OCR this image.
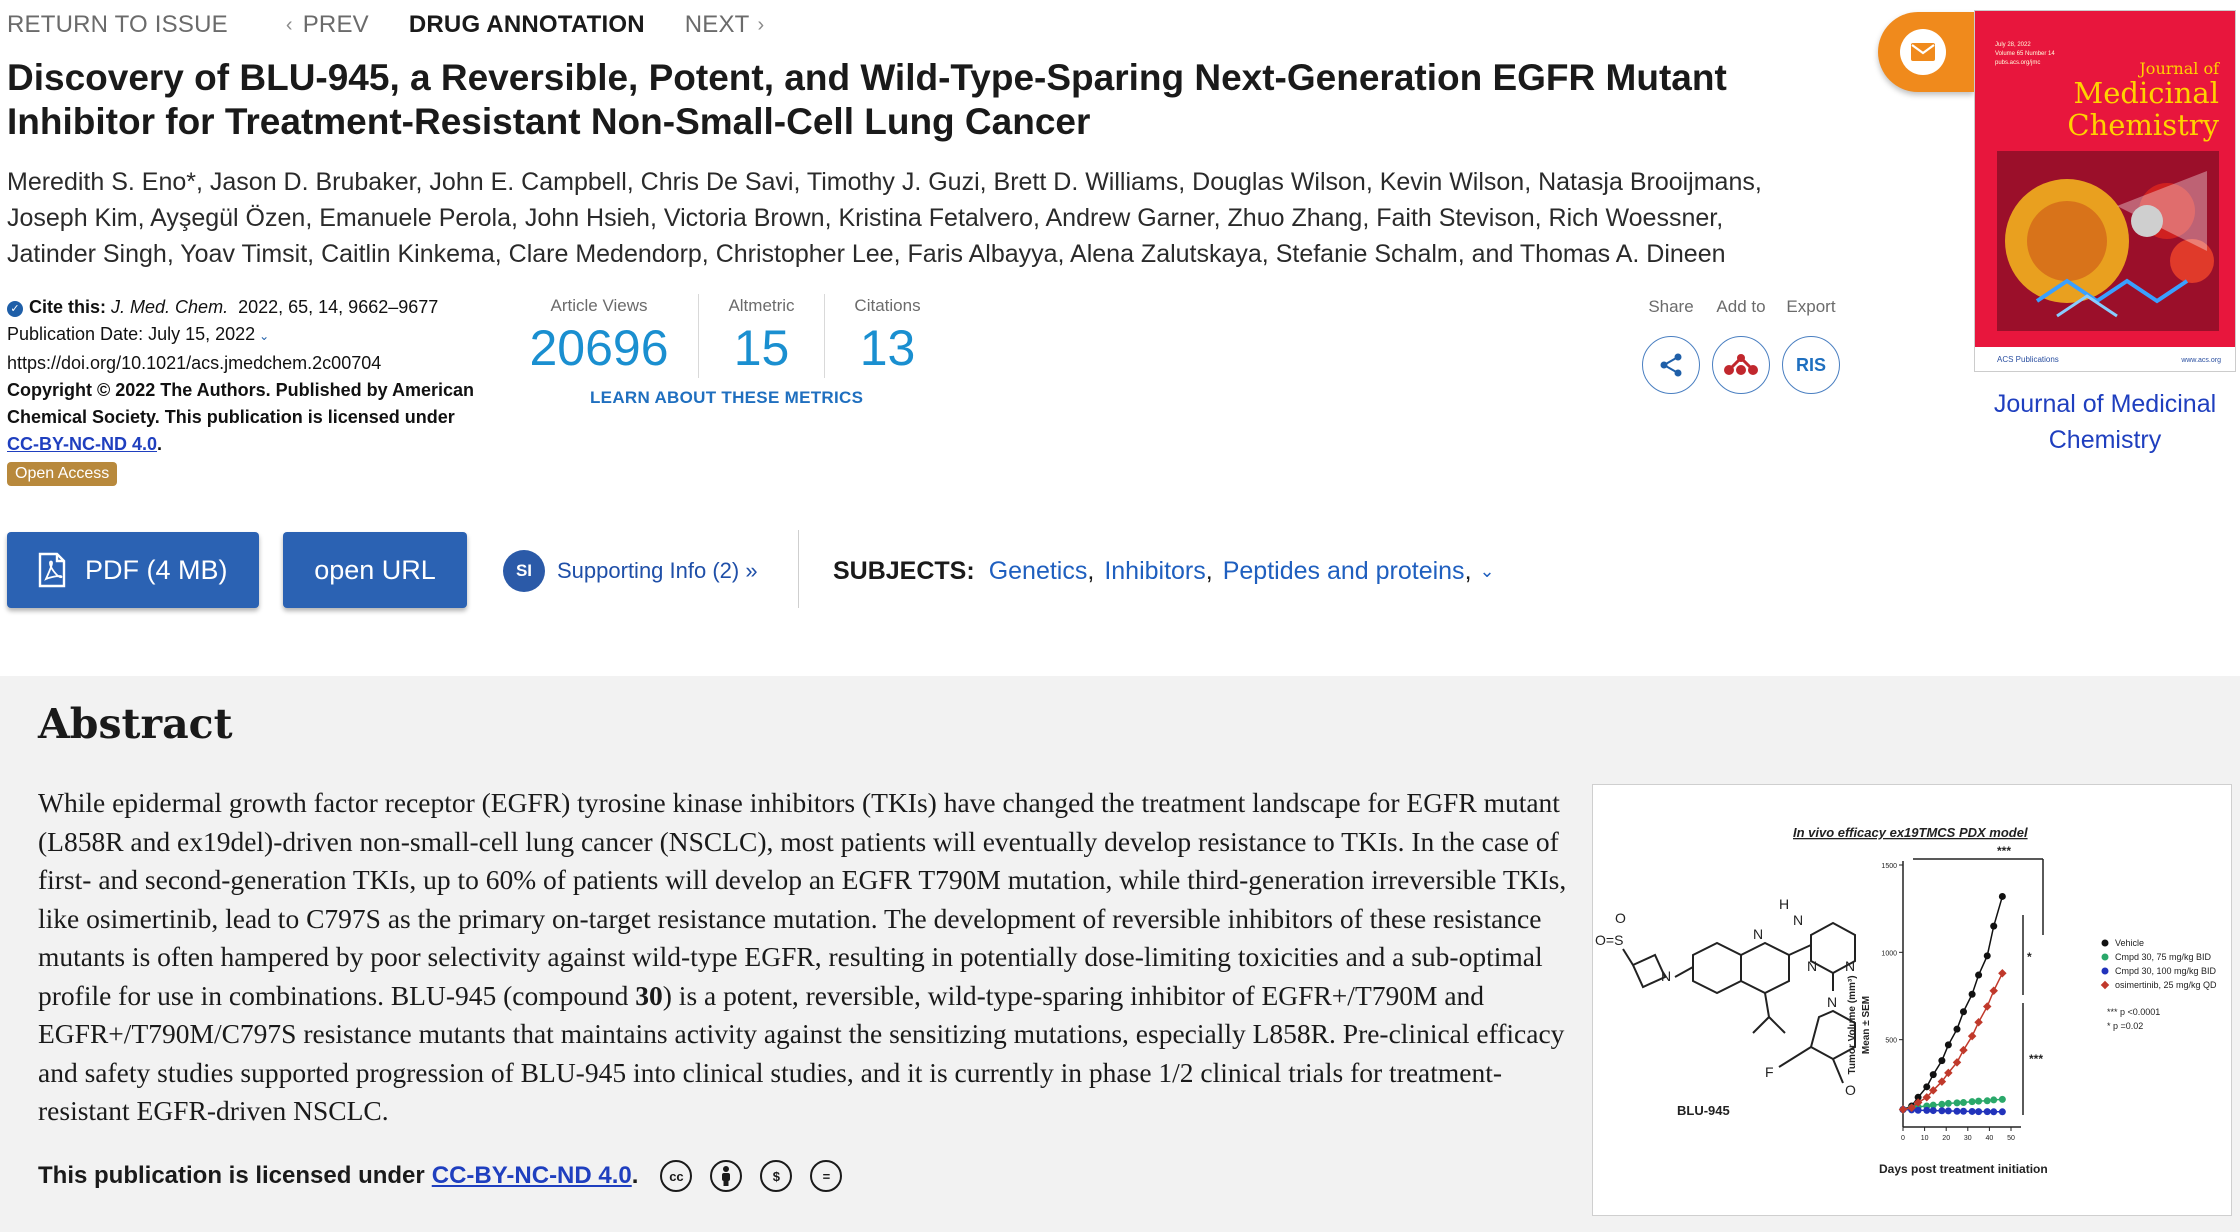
RETURN TO ISSUE	‹ PREV DRUG ANNOTATION NEXT ›
Discovery of BLU-945, a Reversible, Potent, and Wild-Type-Sparing Next-Generation EGFR Mutant Inhibitor for Treatment-Resistant Non-Small-Cell Lung Cancer
Meredith S. Eno*, Jason D. Brubaker, John E. Campbell, Chris De Savi, Timothy J. Guzi, Brett D. Williams, Douglas Wilson, Kevin Wilson, Natasja Brooijmans,
Joseph Kim, Ayşegül Özen, Emanuele Perola, John Hsieh, Victoria Brown, Kristina Fetalvero, Andrew Garner, Zhuo Zhang, Faith Stevison, Rich Woessner,
Jatinder Singh, Yoav Timsit, Caitlin Kinkema, Clare Medendorp, Christopher Lee, Faris Albayya, Alena Zalutskaya, Stefanie Schalm, and Thomas A. Dineen
✓ Cite this: J. Med. Chem. 2022, 65, 14, 9662–9677
Publication Date: July 15, 2022 ⌄
https://doi.org/10.1021/acs.jmedchem.2c00704
Copyright © 2022 The Authors. Published by American
Chemical Society. This publication is licensed under
CC-BY-NC-ND 4.0.
Open Access
Article Views
20696
Altmetric
15
Citations
13
LEARN ABOUT THESE METRICS
Share	Add to	Export
RIS
July 28, 2022
Volume 65 Number 14
pubs.acs.org/jmc	Journal of
Medicinal
Chemistry
ACS Publications	www.acs.org
Journal of Medicinal
Chemistry
PDF (4 MB)	open URL	SI	Supporting Info (2) »	SUBJECTS: Genetics , Inhibitors , Peptides and proteins , ⌄
Abstract

While epidermal growth factor receptor (EGFR) tyrosine kinase inhibitors (TKIs) have changed the treatment landscape for EGFR mutant (L858R and ex19del)-driven non-small-cell lung cancer (NSCLC), most patients will eventually develop resistance to TKIs. In the case of first- and second-generation TKIs, up to 60% of patients will develop an EGFR T790M mutation, while third-generation irreversible TKIs, like osimertinib, lead to C797S as the primary on-target resistance mutation. The development of reversible inhibitors of these resistance mutants is often hampered by poor selectivity against wild-type EGFR, resulting in potentially dose-limiting toxicities and a sub-optimal profile for use in combinations. BLU-945 (compound 30) is a potent, reversible, wild-type-sparing inhibitor of EGFR+/T790M and EGFR+/T790M/C797S resistance mutants that maintains activity against the sensitizing mutations, especially L858R. Pre-clinical efficacy and safety studies supported progression of BLU-945 into clinical studies, and it is currently in phase 1/2 clinical trials for treatment-resistant EGFR-driven NSCLC.

This publication is licensed under CC-BY-NC-ND 4.0 .	cc	$	=
O
O=S
N
N
H
N
N N
N
F
O
BLU-945
In vivo efficacy ex19TMCS PDX model
Tumor Volume (mm³) Mean ± SEM
Days post treatment initiation
500
1000
1500
0 10 20 30 40 50
***
*
***
Vehicle
Cmpd 30, 75 mg/kg BID
Cmpd 30, 100 mg/kg BID
osimertinib, 25 mg/kg QD
*** p <0.0001
* p =0.02
